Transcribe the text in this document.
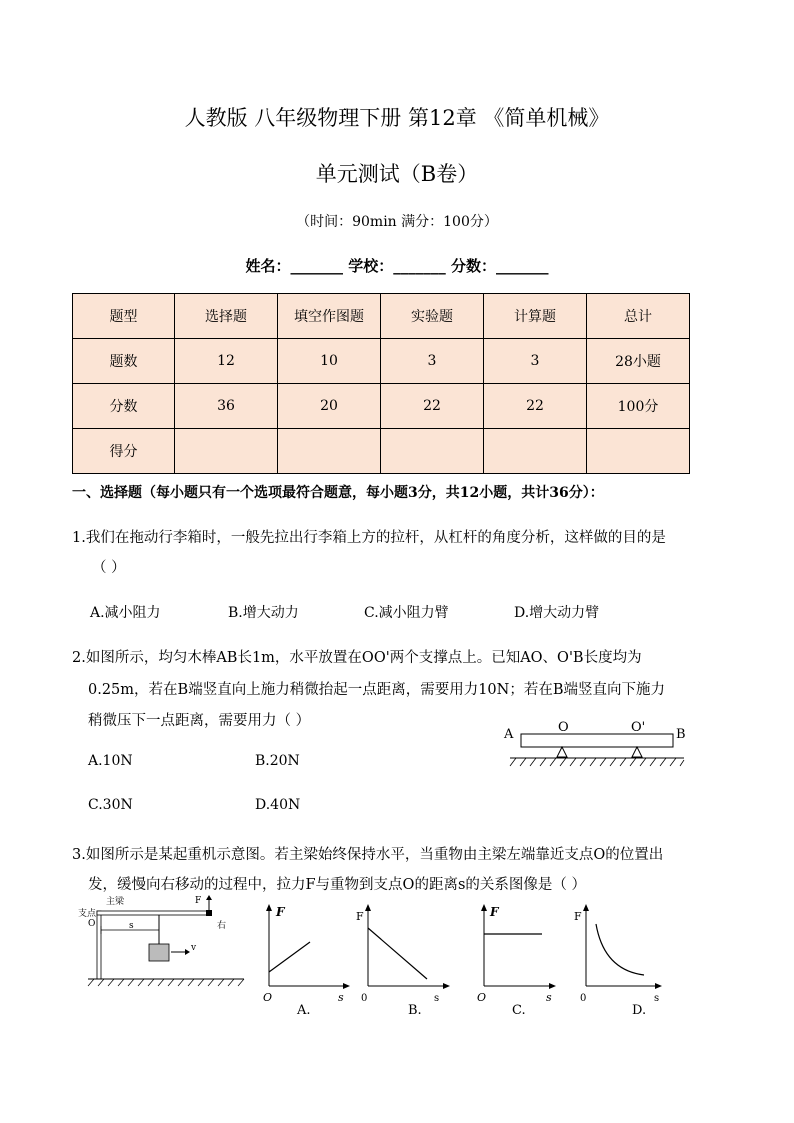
人教版 八年级物理下册 第12章 《简单机械》
单元测试（B卷）
（时间：90min 满分：100分）
姓名：_______ 学校：_______ 分数：_______
题型	选择题	填空作图题	实验题	计算题	总计
题数	12	10	3	3	28小题
分数	36	20	22	22	100分
得分					
一、选择题（每小题只有一个选项最符合题意，每小题3分，共12小题，共计36分）：
1.我们在拖动行李箱时，一般先拉出行李箱上方的拉杆，从杠杆的角度分析，这样做的目的是
（ ）
A.减小阻力	B.增大动力	C.减小阻力臂	D.增大动力臂
2.如图所示，均匀木棒AB长1m，水平放置在OO'两个支撑点上。已知AO、O'B长度均为
0.25m，若在B端竖直向上施力稍微抬起一点距离，需要用力10N；若在B端竖直向下施力
稍微压下一点距离，需要用力（ ）
A.10N	B.20N
C.30N	D.40N
A	B
O	O'
3.如图所示是某起重机示意图。若主梁始终保持水平，当重物由主梁左端靠近支点O的位置出
发，缓慢向右移动的过程中，拉力F与重物到支点O的距离s的关系图像是（ ）
主梁
支点
O
F
右
s
v
F
s
O
A.
F
s
0
B.
F
s
O
C.
F
s
0
D.
